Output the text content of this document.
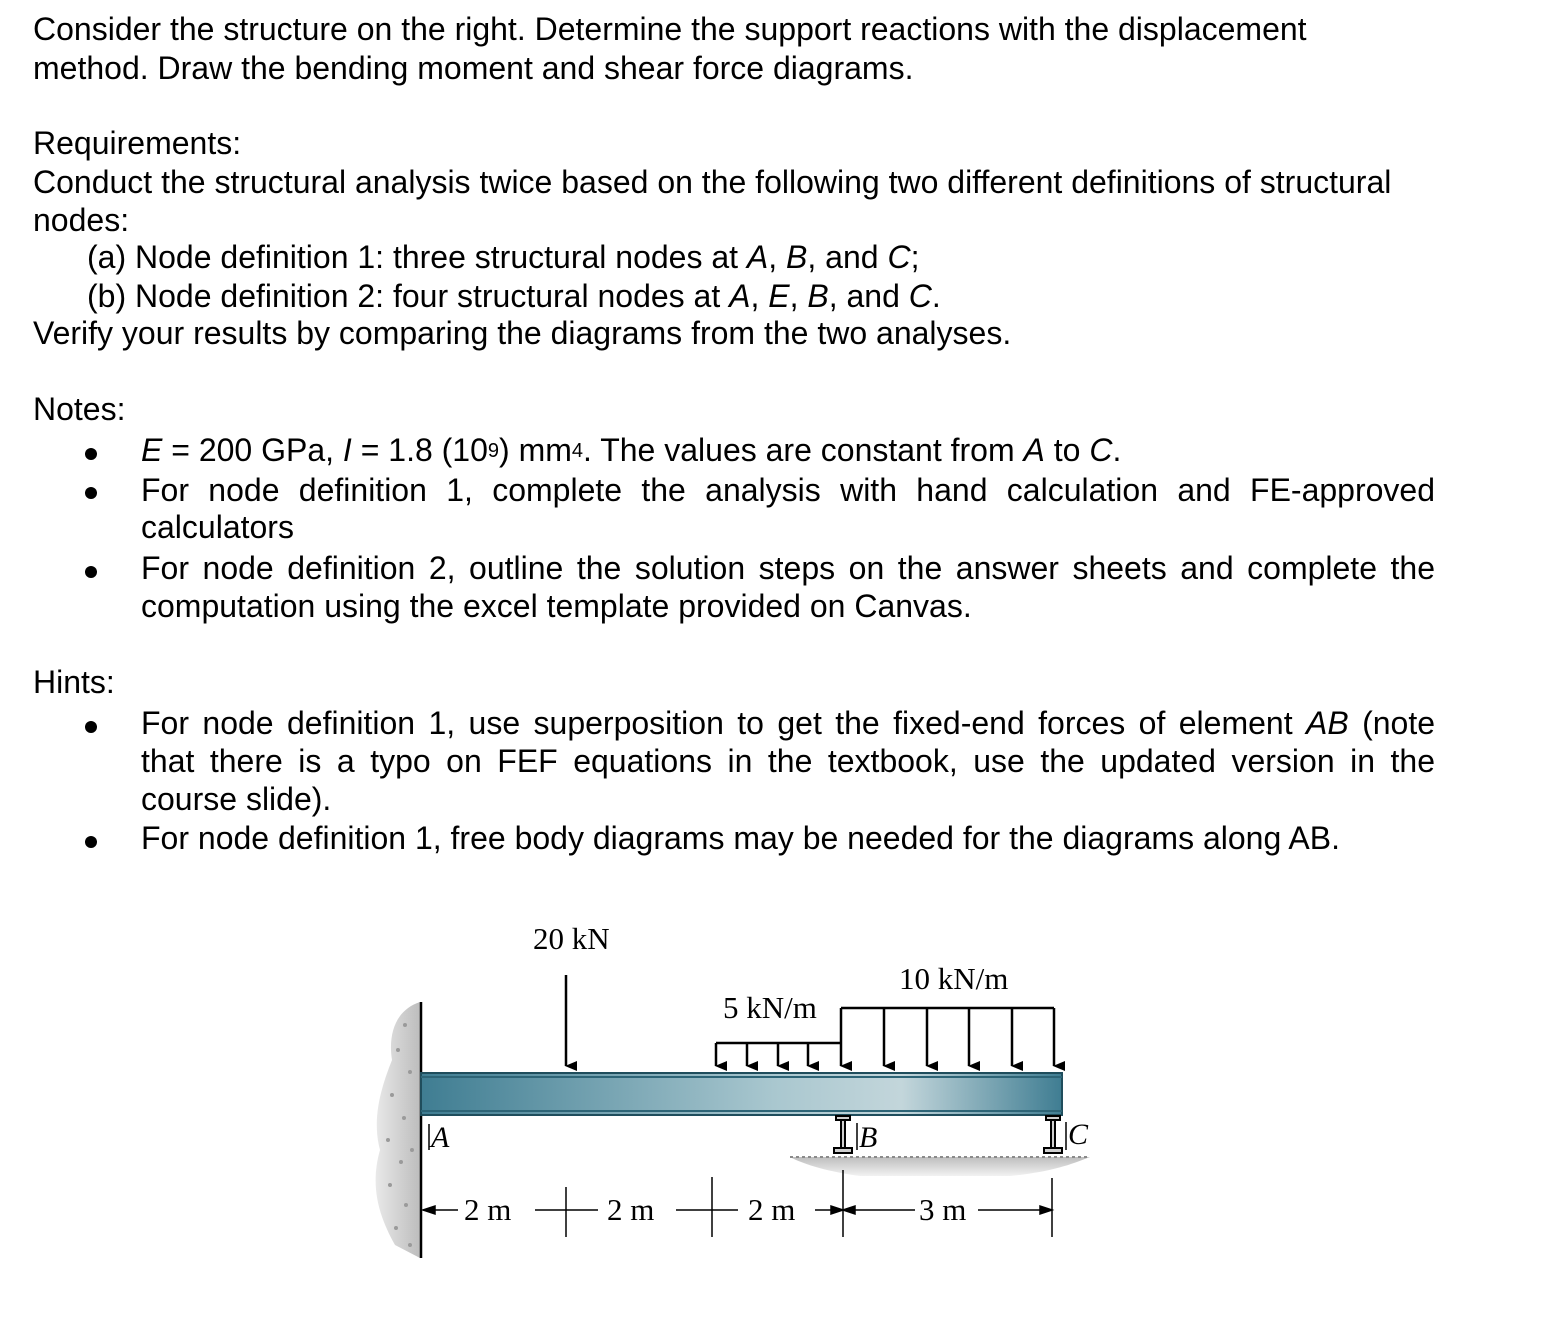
Consider the structure on the right. Determine the support reactions with the displacement
method. Draw the bending moment and shear force diagrams.
Requirements:
Conduct the structural analysis twice based on the following two different definitions of structural
nodes:
(a) Node definition 1: three structural nodes at A, B, and C;
(b) Node definition 2: four structural nodes at A, E, B, and C.
Verify your results by comparing the diagrams from the two analyses.
Notes:
E = 200 GPa, I = 1.8 $(10^9)$ $mm^4$. The values are constant from A to C.
For node definition 1, complete the analysis with hand calculation and FE-approved
calculators
For node definition 2, outline the solution steps on the answer sheets and complete the
computation using the excel template provided on Canvas.
Hints:
For node definition 1, use superposition to get the fixed-end forces of element AB (note
that there is a typo on FEF equations in the textbook, use the updated version in the
course slide).
For node definition 1, free body diagrams may be needed for the diagrams along AB.
20 kN
5 kN/m
10 kN/m
A	B	C
2 m	2 m	2 m	3 m
